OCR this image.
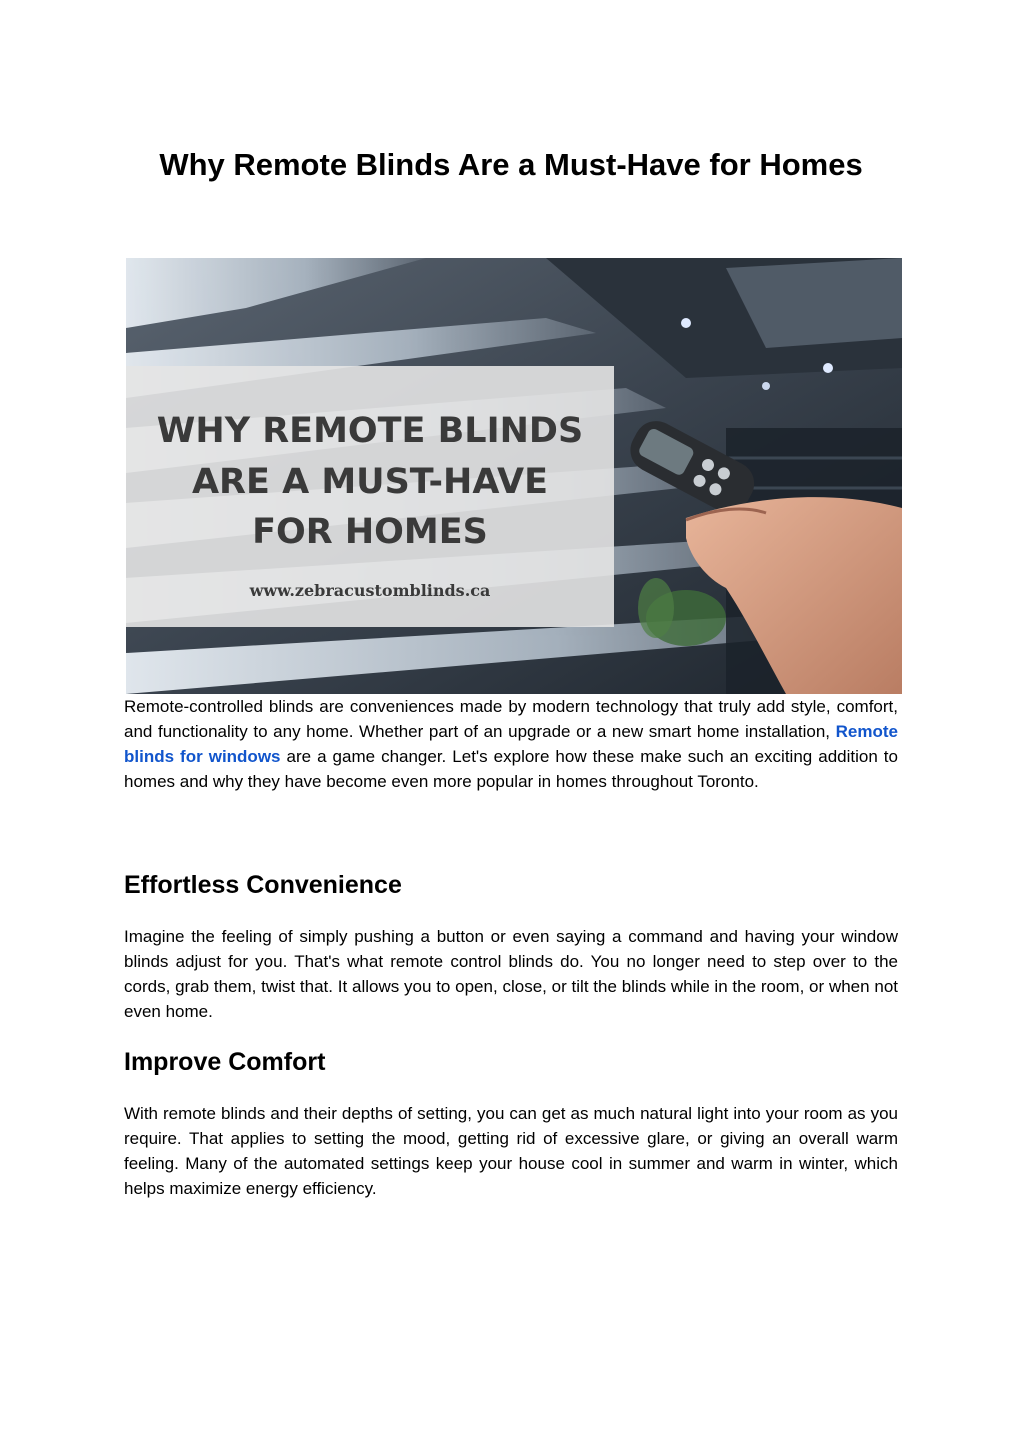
Why Remote Blinds Are a Must-Have for Homes
WHY REMOTE BLINDS
ARE A MUST-HAVE
FOR HOMES
www.zebracustomblinds.ca

Remote-controlled blinds are conveniences made by modern technology that truly add style, comfort, and functionality to any home. Whether part of an upgrade or a new smart home installation, Remote blinds for windows are a game changer. Let's explore how these make such an exciting addition to homes and why they have become even more popular in homes throughout Toronto.

Effortless Convenience

Imagine the feeling of simply pushing a button or even saying a command and having your window blinds adjust for you. That's what remote control blinds do. You no longer need to step over to the cords, grab them, twist that. It allows you to open, close, or tilt the blinds while in the room, or when not even home.

Improve Comfort

With remote blinds and their depths of setting, you can get as much natural light into your room as you require. That applies to setting the mood, getting rid of excessive glare, or giving an overall warm feeling. Many of the automated settings keep your house cool in summer and warm in winter, which helps maximize energy efficiency.
